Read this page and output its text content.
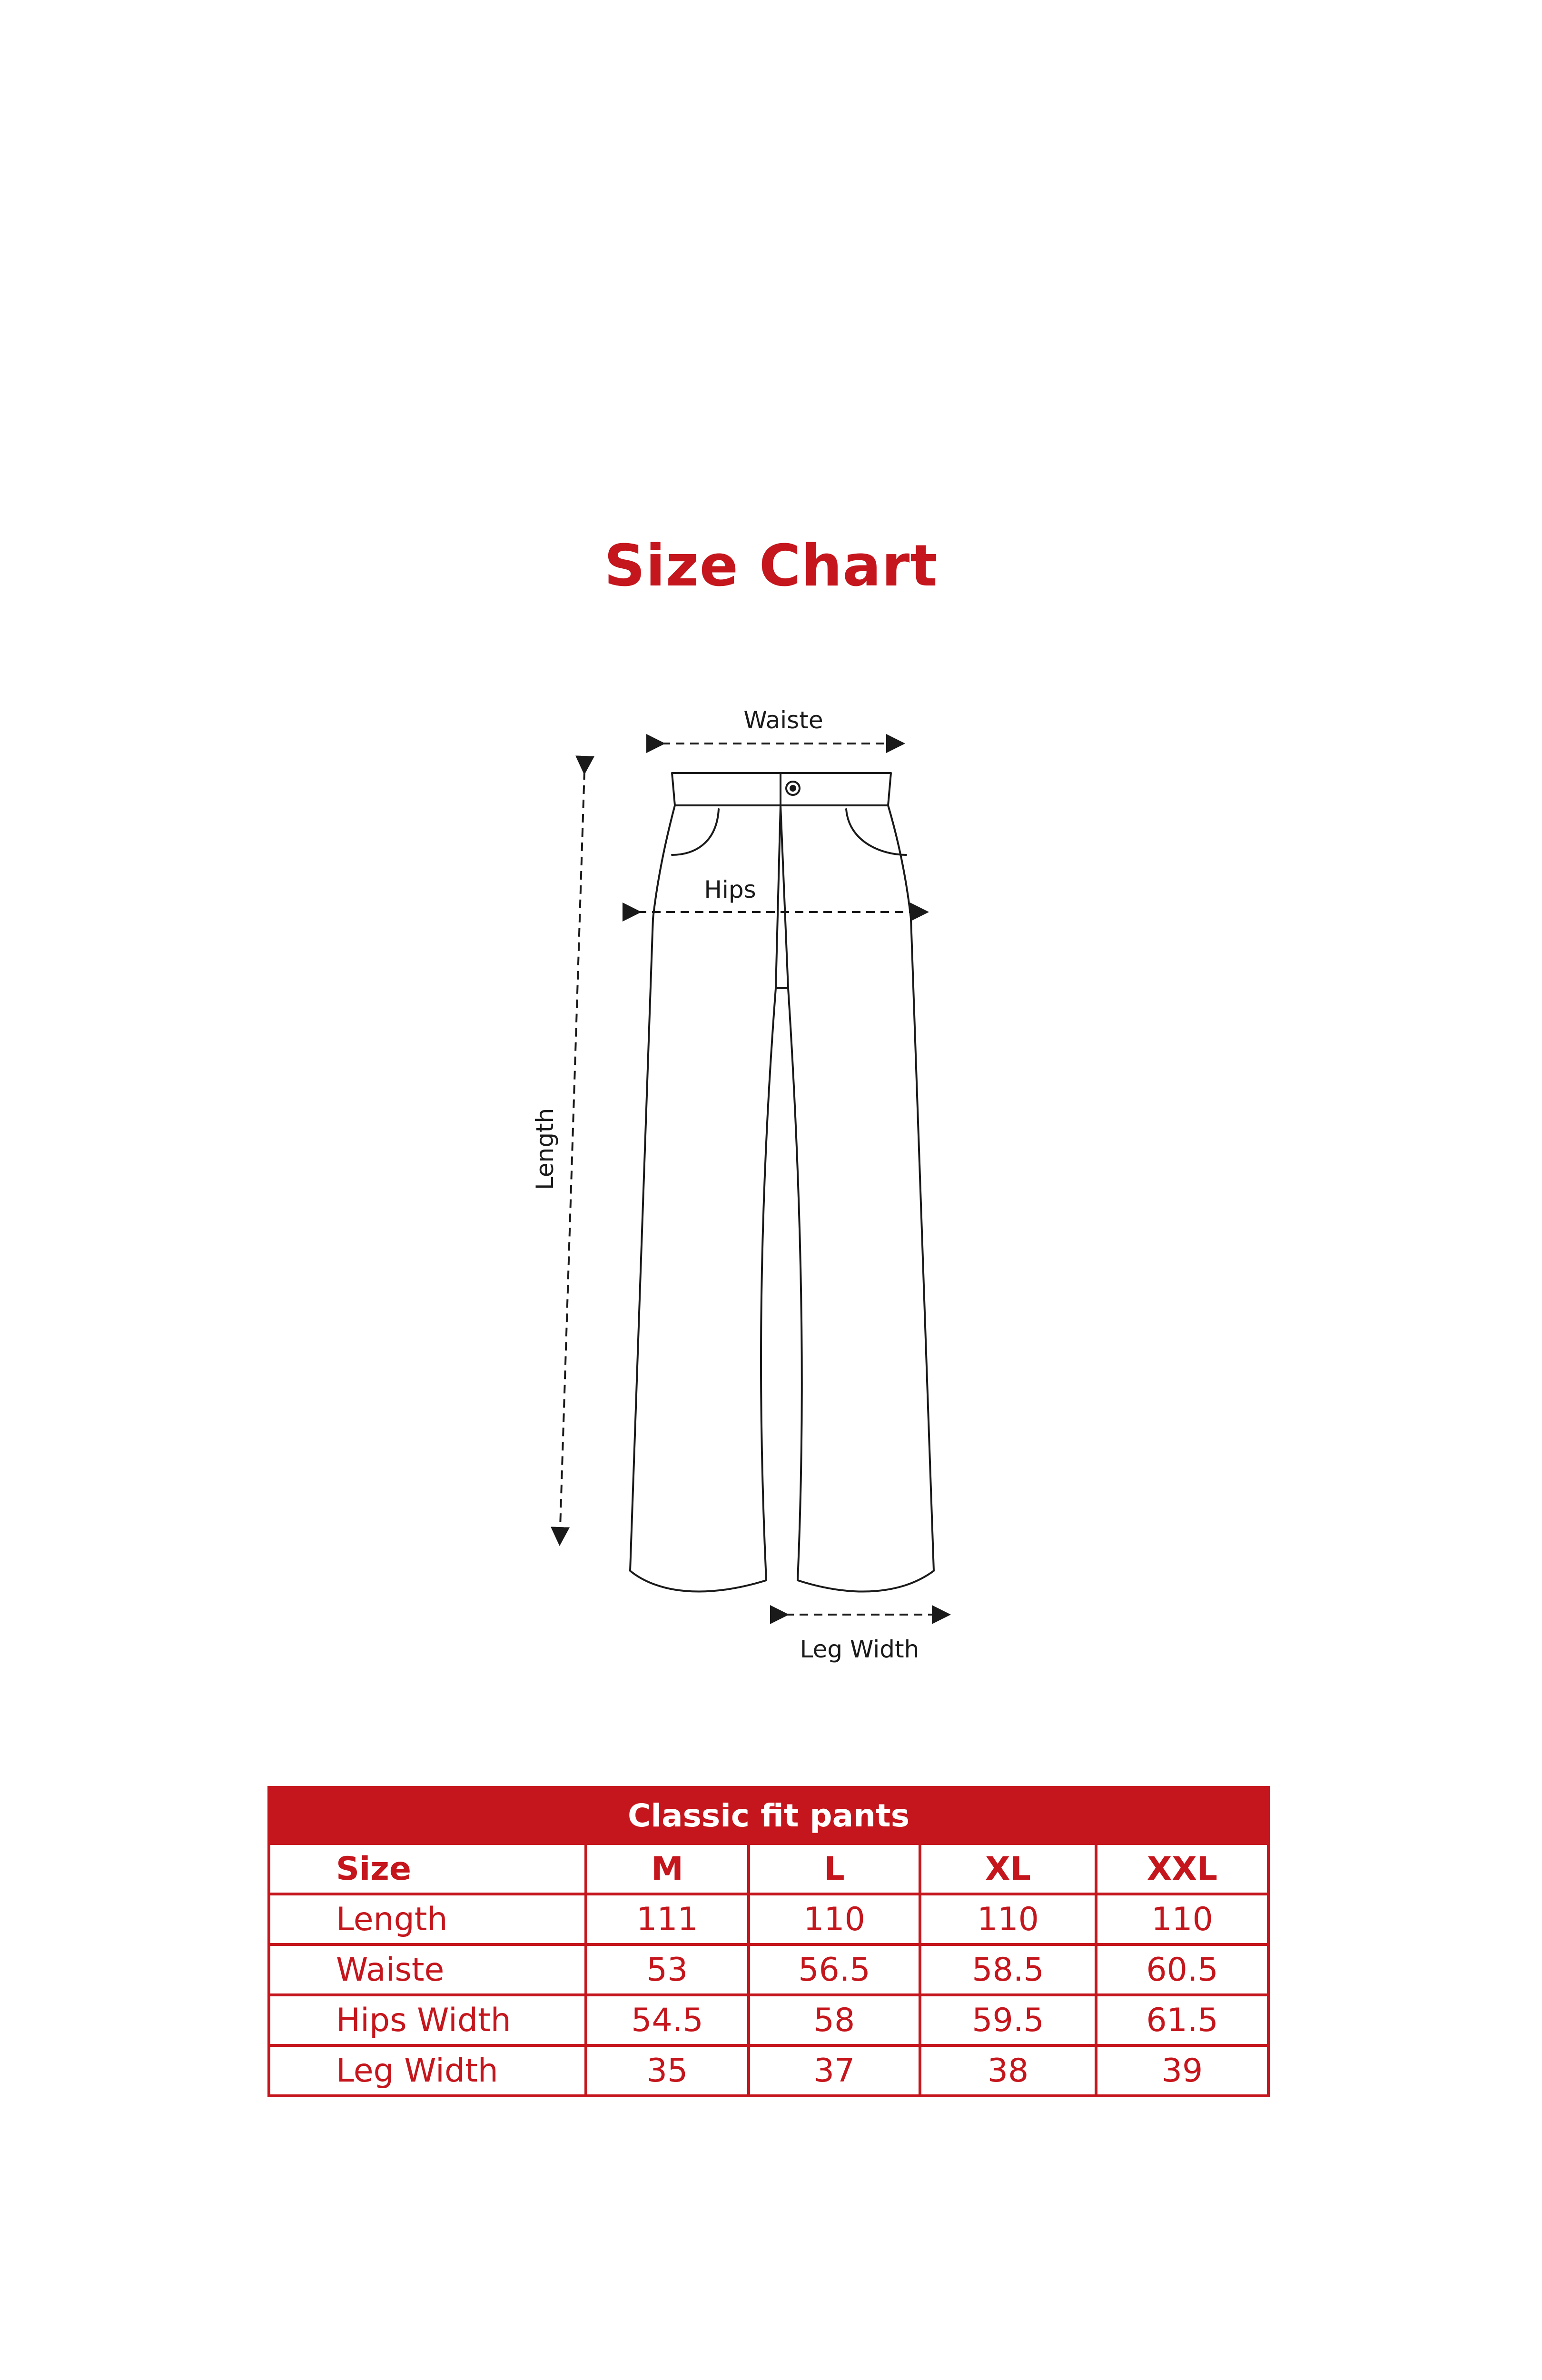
Size Chart
Waiste
Hips
Length
Leg Width
Classic fit pants				
Size	M	L	XL	XXL
Length	111	110	110	110
Waiste	53	56.5	58.5	60.5
Hips Width	54.5	58	59.5	61.5
Leg Width	35	37	38	39
